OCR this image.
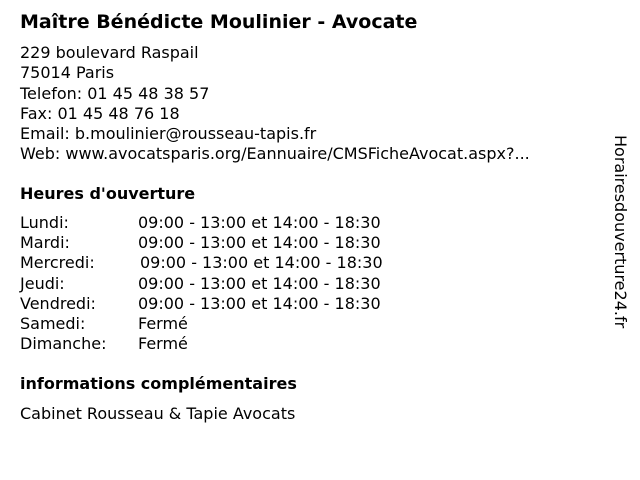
Maître Bénédicte Moulinier - Avocate
229 boulevard Raspail
75014 Paris
Telefon: 01 45 48 38 57
Fax: 01 45 48 76 18
Email: b.moulinier@rousseau-tapis.fr
Web: www.avocatsparis.org/Eannuaire/CMSFicheAvocat.aspx?...
Heures d'ouverture
Lundi:	09:00 - 13:00 et 14:00 - 18:30
Mardi:	09:00 - 13:00 et 14:00 - 18:30
Mercredi:	09:00 - 13:00 et 14:00 - 18:30
Jeudi:	09:00 - 13:00 et 14:00 - 18:30
Vendredi:	09:00 - 13:00 et 14:00 - 18:30
Samedi:	Fermé
Dimanche: Fermé
informations complémentaires
Cabinet Rousseau & Tapie Avocats
Horairesdouverture24.fr
